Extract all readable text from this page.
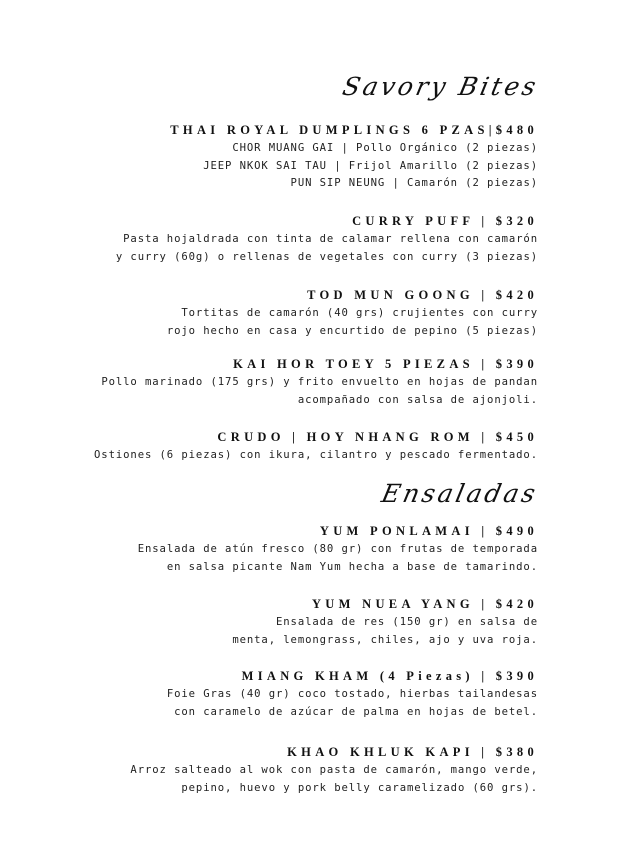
Savory Bites
THAI ROYAL DUMPLINGS 6 PZAS|$480
CHOR MUANG GAI | Pollo Orgánico (2 piezas)
JEEP NKOK SAI TAU | Frijol Amarillo (2 piezas)
PUN SIP NEUNG | Camarón (2 piezas)
CURRY PUFF | $320
Pasta hojaldrada con tinta de calamar rellena con camarón
y curry (60g) o rellenas de vegetales con curry (3 piezas)
TOD MUN GOONG | $420
Tortitas de camarón (40 grs) crujientes con curry
rojo hecho en casa y encurtido de pepino (5 piezas)
KAI HOR TOEY 5 PIEZAS | $390
Pollo marinado (175 grs) y frito envuelto en hojas de pandan
acompañado con salsa de ajonjoli.
CRUDO | HOY NHANG ROM | $450
Ostiones (6 piezas) con ikura, cilantro y pescado fermentado.
Ensaladas
YUM PONLAMAI | $490
Ensalada de atún fresco (80 gr) con frutas de temporada
en salsa picante Nam Yum hecha a base de tamarindo.
YUM NUEA YANG | $420
Ensalada de res (150 gr) en salsa de
menta, lemongrass, chiles, ajo y uva roja.
MIANG KHAM (4 Piezas) | $390
Foie Gras (40 gr) coco tostado, hierbas tailandesas
con caramelo de azúcar de palma en hojas de betel.
KHAO KHLUK KAPI | $380
Arroz salteado al wok con pasta de camarón, mango verde,
pepino, huevo y pork belly caramelizado (60 grs).
